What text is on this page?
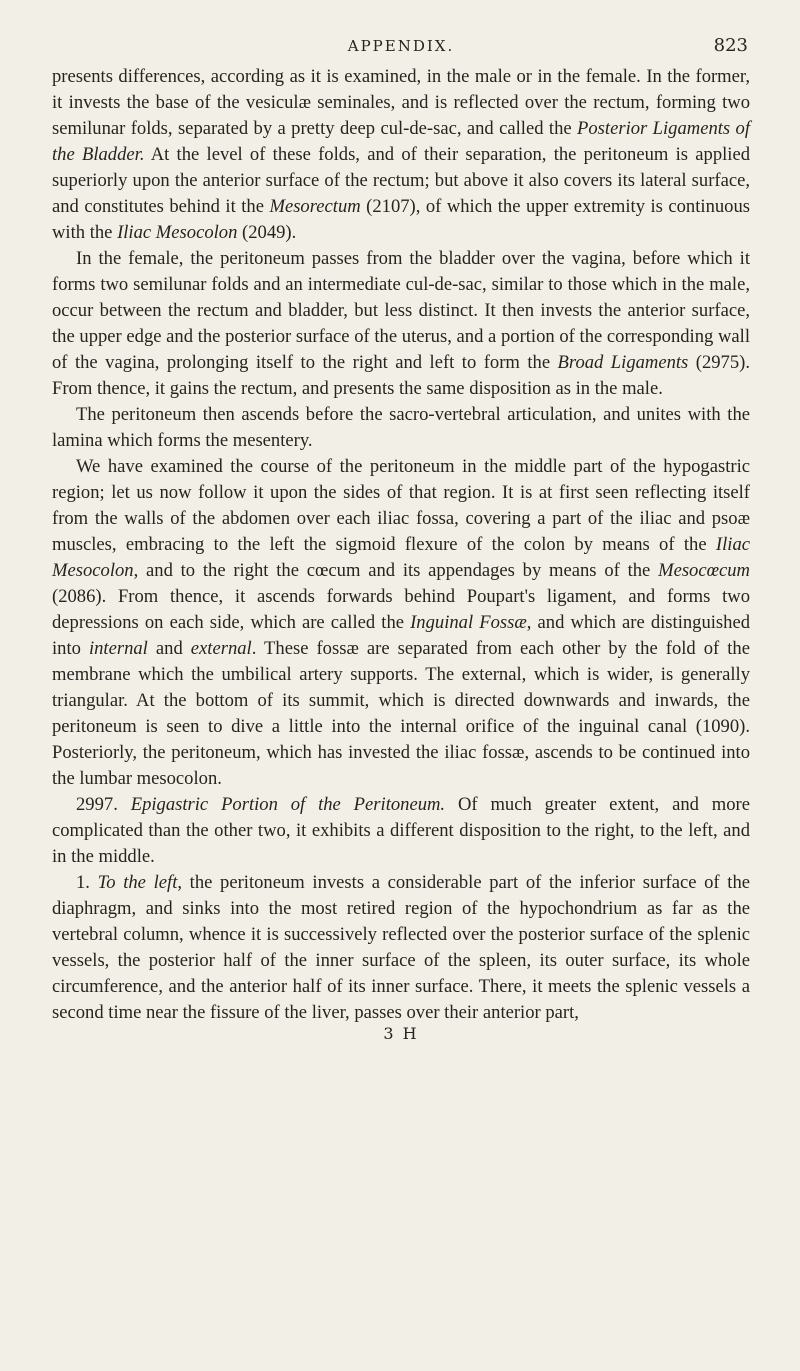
APPENDIX.	823

presents differences, according as it is examined, in the male or in the female. In the former, it invests the base of the vesiculæ seminales, and is reflected over the rectum, forming two semilunar folds, separated by a pretty deep cul-de-sac, and called the Posterior Ligaments of the Bladder. At the level of these folds, and of their separation, the peritoneum is applied superiorly upon the anterior surface of the rectum; but above it also covers its lateral surface, and constitutes behind it the Mesorectum (2107), of which the upper extremity is continuous with the Iliac Mesocolon (2049).

In the female, the peritoneum passes from the bladder over the vagina, before which it forms two semilunar folds and an intermediate cul-de-sac, similar to those which in the male, occur between the rectum and bladder, but less distinct. It then invests the anterior surface, the upper edge and the posterior surface of the uterus, and a portion of the corresponding wall of the vagina, prolonging itself to the right and left to form the Broad Ligaments (2975). From thence, it gains the rectum, and presents the same disposition as in the male.

The peritoneum then ascends before the sacro-vertebral articulation, and unites with the lamina which forms the mesentery.

We have examined the course of the peritoneum in the middle part of the hypogastric region; let us now follow it upon the sides of that region. It is at first seen reflecting itself from the walls of the abdomen over each iliac fossa, covering a part of the iliac and psoæ muscles, embracing to the left the sigmoid flexure of the colon by means of the Iliac Mesocolon, and to the right the cœcum and its appendages by means of the Mesocœcum (2086). From thence, it ascends forwards behind Poupart's ligament, and forms two depressions on each side, which are called the Inguinal Fossæ, and which are distinguished into internal and external. These fossæ are separated from each other by the fold of the membrane which the umbilical artery supports. The external, which is wider, is generally triangular. At the bottom of its summit, which is directed downwards and inwards, the peritoneum is seen to dive a little into the internal orifice of the inguinal canal (1090). Posteriorly, the peritoneum, which has invested the iliac fossæ, ascends to be continued into the lumbar mesocolon.

2997. Epigastric Portion of the Peritoneum. Of much greater extent, and more complicated than the other two, it exhibits a different disposition to the right, to the left, and in the middle.

1. To the left, the peritoneum invests a considerable part of the inferior surface of the diaphragm, and sinks into the most retired region of the hypochondrium as far as the vertebral column, whence it is successively reflected over the posterior surface of the splenic vessels, the posterior half of the inner surface of the spleen, its outer surface, its whole circumference, and the anterior half of its inner surface. There, it meets the splenic vessels a second time near the fissure of the liver, passes over their anterior part,

3 H
